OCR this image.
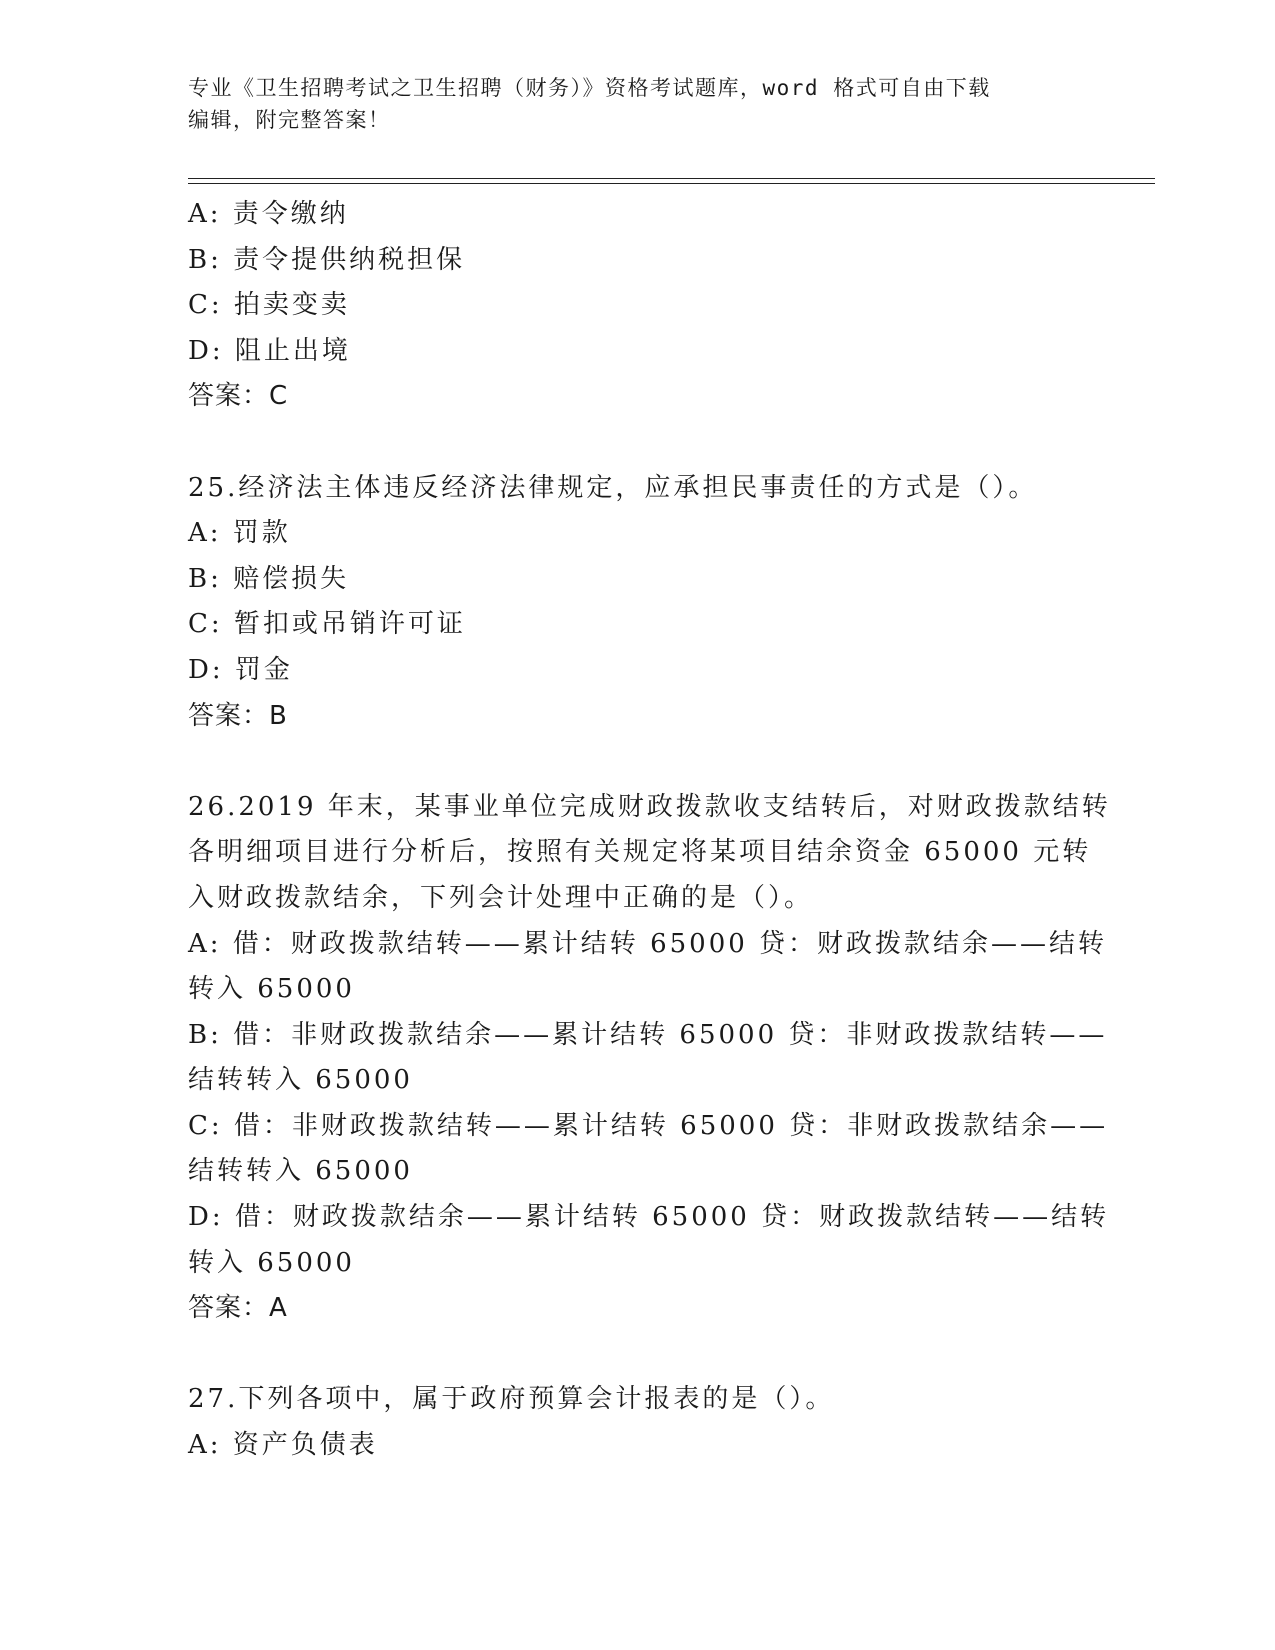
专业《卫生招聘考试之卫生招聘（财务）》资格考试题库，word 格式可自由下载
编辑，附完整答案！
A: 责令缴纳
B: 责令提供纳税担保
C: 拍卖变卖
D: 阻止出境
答案：C
25.经济法主体违反经济法律规定，应承担民事责任的方式是（）。
A: 罚款
B: 赔偿损失
C: 暂扣或吊销许可证
D: 罚金
答案：B
26.2019 年末，某事业单位完成财政拨款收支结转后，对财政拨款结转
各明细项目进行分析后，按照有关规定将某项目结余资金 65000 元转
入财政拨款结余，下列会计处理中正确的是（）。
A: 借：财政拨款结转——累计结转 65000 贷：财政拨款结余——结转
转入 65000
B: 借：非财政拨款结余——累计结转 65000 贷：非财政拨款结转——
结转转入 65000
C: 借：非财政拨款结转——累计结转 65000 贷：非财政拨款结余——
结转转入 65000
D: 借：财政拨款结余——累计结转 65000 贷：财政拨款结转——结转
转入 65000
答案：A
27.下列各项中，属于政府预算会计报表的是（）。
A: 资产负债表
